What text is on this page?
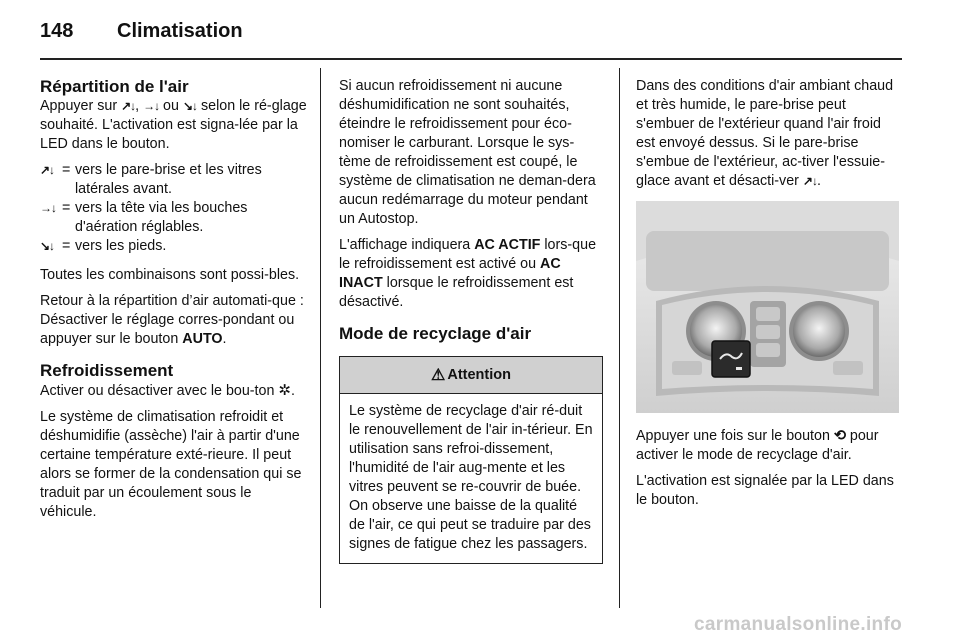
148	Climatisation
Répartition de l'air

Appuyer sur ↗↓, →↓ ou ↘↓ selon le ré-glage souhaité. L'activation est signa-lée par la LED dans le bouton.

↗↓ = vers le pare-brise et les vitres latérales avant.
→↓ = vers la tête via les bouches d'aération réglables.
↘↓ = vers les pieds.

Toutes les combinaisons sont possi-bles.

Retour à la répartition d’air automati-que : Désactiver le réglage corres-pondant ou appuyer sur le bouton AUTO.

Refroidissement

Activer ou désactiver avec le bou-ton ✲.

Le système de climatisation refroidit et déshumidifie (assèche) l'air à partir d'une certaine température exté-rieure. Il peut alors se former de la condensation qui se traduit par un écoulement sous le véhicule.

Si aucun refroidissement ni aucune déshumidification ne sont souhaités, éteindre le refroidissement pour éco-nomiser le carburant. Lorsque le sys-tème de refroidissement est coupé, le système de climatisation ne deman-dera aucun redémarrage du moteur pendant un Autostop.

L'affichage indiquera AC ACTIF lors-que le refroidissement est activé ou AC INACT lorsque le refroidissement est désactivé.

Mode de recyclage d'air
⚠ Attention
Le système de recyclage d'air ré-duit le renouvellement de l'air in-térieur. En utilisation sans refroi-dissement, l'humidité de l'air aug-mente et les vitres peuvent se re-couvrir de buée. On observe une baisse de la qualité de l'air, ce qui peut se traduire par des signes de fatigue chez les passagers.

Dans des conditions d'air ambiant chaud et très humide, le pare-brise peut s'embuer de l'extérieur quand l'air froid est envoyé dessus. Si le pare-brise s'embue de l'extérieur, ac-tiver l'essuie-glace avant et désacti-ver ↗↓.

Appuyer une fois sur le bouton ⟲ pour activer le mode de recyclage d'air.

L'activation est signalée par la LED dans le bouton.

carmanualsonline.info
